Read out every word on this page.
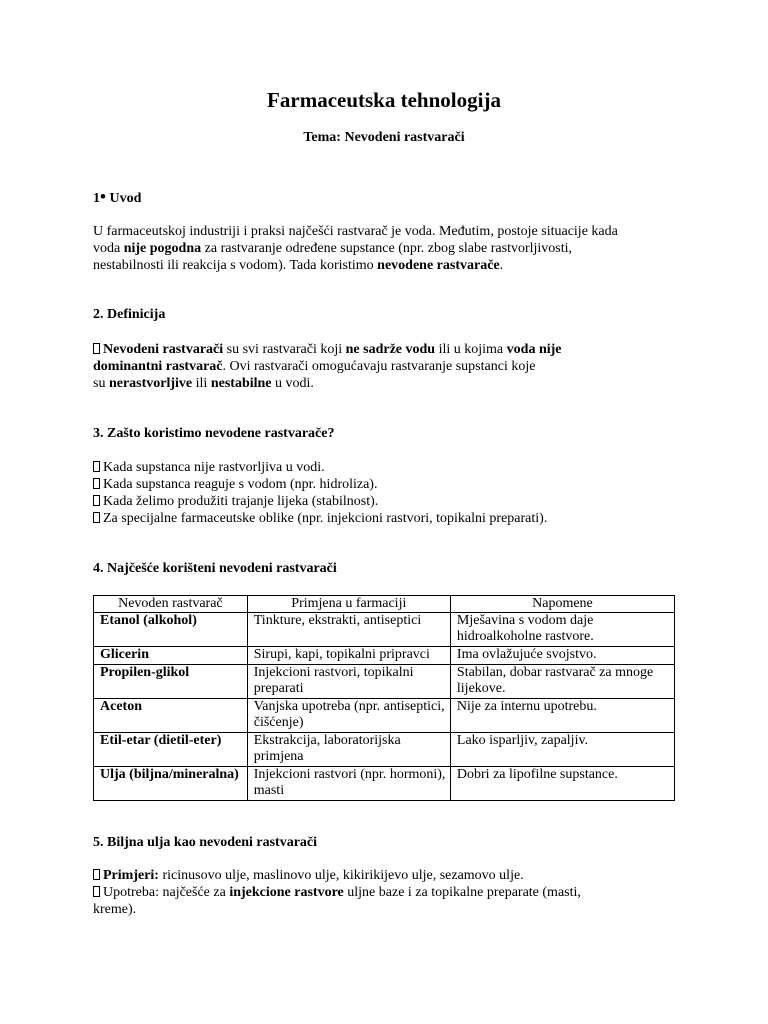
Farmaceutska tehnologija
Tema: Nevodeni rastvarači
1• Uvod
U farmaceutskoj industriji i praksi najčešći rastvarač je voda. Međutim, postoje situacije kada
voda nije pogodna za rastvaranje određene supstance (npr. zbog slabe rastvorljivosti,
nestabilnosti ili reakcija s vodom). Tada koristimo nevodene rastvarače.
2. Definicija
Nevodeni rastvarači su svi rastvarači koji ne sadrže vodu ili u kojima voda nije
dominantni rastvarač. Ovi rastvarači omogućavaju rastvaranje supstanci koje
su nerastvorljive ili nestabilne u vodi.
3. Zašto koristimo nevodene rastvarače?
Kada supstanca nije rastvorljiva u vodi.
Kada supstanca reaguje s vodom (npr. hidroliza).
Kada želimo produžiti trajanje lijeka (stabilnost).
Za specijalne farmaceutske oblike (npr. injekcioni rastvori, topikalni preparati).
4. Najčešće korišteni nevodeni rastvarači
Nevoden rastvarač	Primjena u farmaciji	Napomene
Etanol (alkohol)	Tinkture, ekstrakti, antiseptici	Mješavina s vodom daje hidroalkoholne rastvore.
Glicerin	Sirupi, kapi, topikalni pripravci	Ima ovlažujuće svojstvo.
Propilen-glikol	Injekcioni rastvori, topikalni preparati	Stabilan, dobar rastvarač za mnoge lijekove.
Aceton	Vanjska upotreba (npr. antiseptici, čišćenje)	Nije za internu upotrebu.
Etil-etar (dietil-eter)	Ekstrakcija, laboratorijska primjena	Lako isparljiv, zapaljiv.
Ulja (biljna/mineralna)	Injekcioni rastvori (npr. hormoni), masti	Dobri za lipofilne supstance.
5. Biljna ulja kao nevodeni rastvarači
Primjeri: ricinusovo ulje, maslinovo ulje, kikirikijevo ulje, sezamovo ulje.
Upotreba: najčešće za injekcione rastvore uljne baze i za topikalne preparate (masti,
kreme).
